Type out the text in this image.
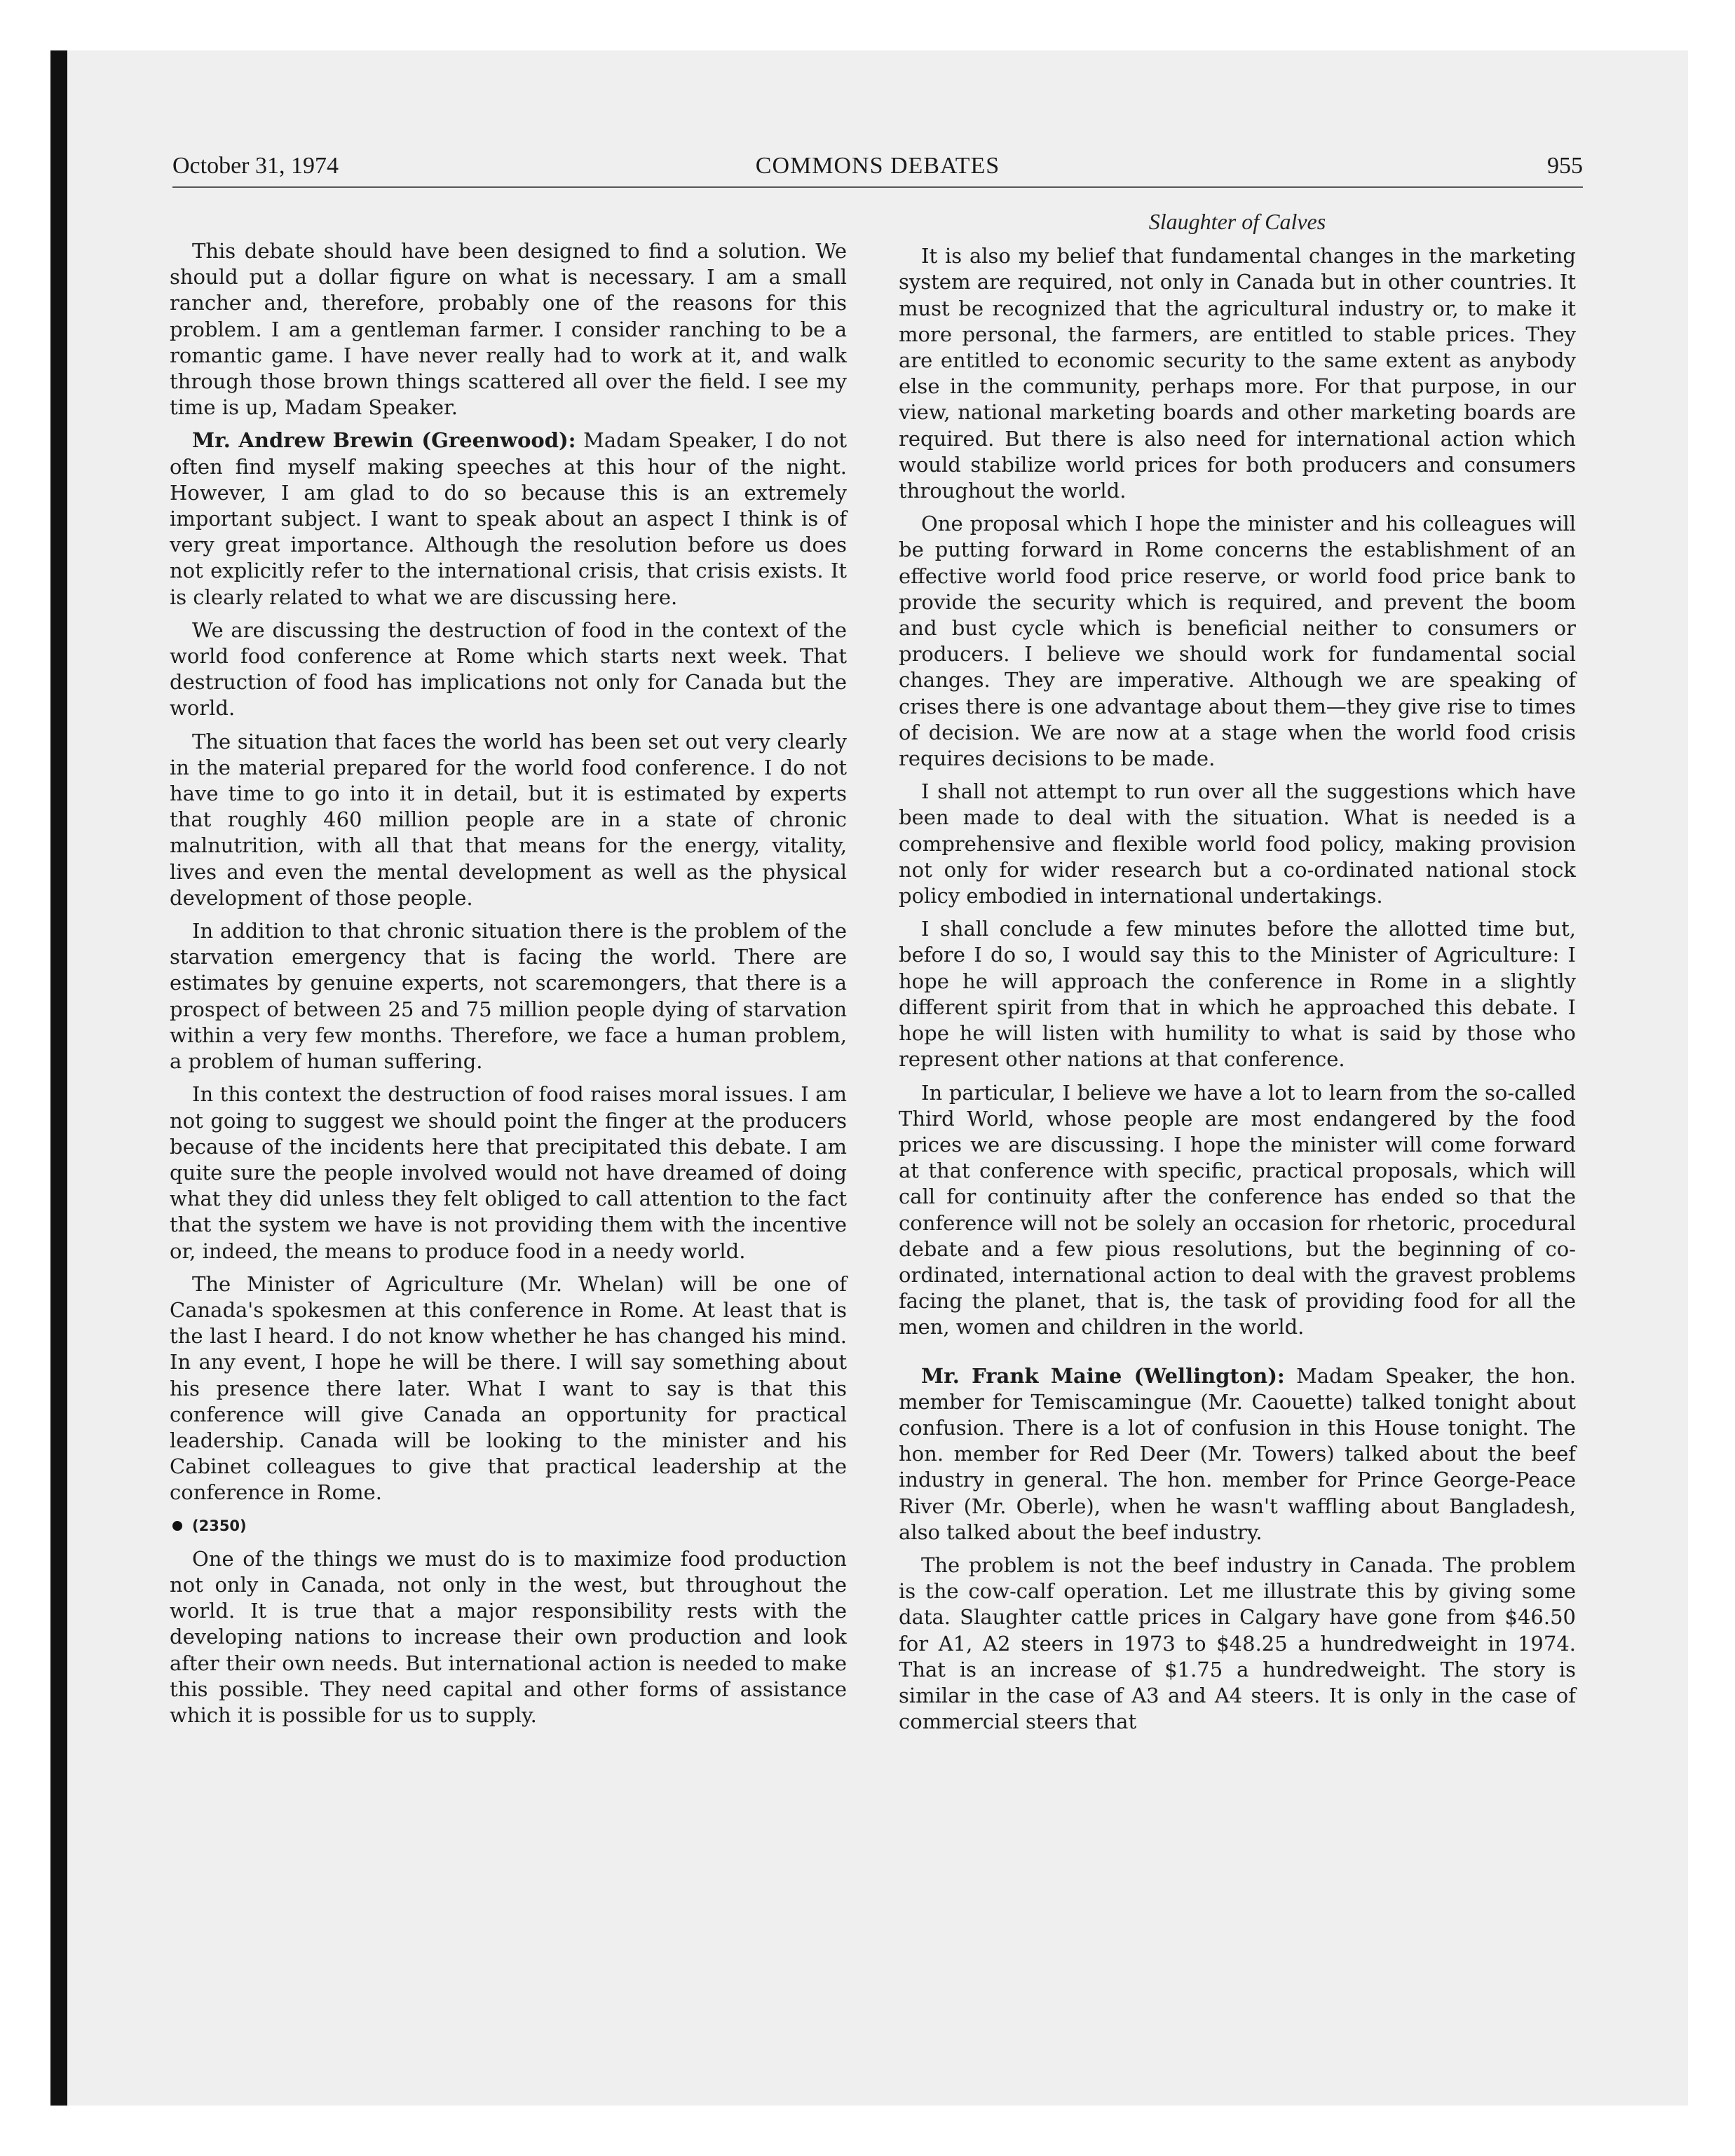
October 31, 1974	COMMONS DEBATES	955

This debate should have been designed to find a solution. We should put a dollar figure on what is necessary. I am a small rancher and, therefore, probably one of the reasons for this problem. I am a gentleman farmer. I consider ranching to be a romantic game. I have never really had to work at it, and walk through those brown things scattered all over the field. I see my time is up, Madam Speaker.

Mr. Andrew Brewin (Greenwood): Madam Speaker, I do not often find myself making speeches at this hour of the night. However, I am glad to do so because this is an extremely important subject. I want to speak about an aspect I think is of very great importance. Although the resolution before us does not explicitly refer to the international crisis, that crisis exists. It is clearly related to what we are discussing here.

We are discussing the destruction of food in the context of the world food conference at Rome which starts next week. That destruction of food has implications not only for Canada but the world.

The situation that faces the world has been set out very clearly in the material prepared for the world food conference. I do not have time to go into it in detail, but it is estimated by experts that roughly 460 million people are in a state of chronic malnutrition, with all that that means for the energy, vitality, lives and even the mental development as well as the physical development of those people.

In addition to that chronic situation there is the problem of the starvation emergency that is facing the world. There are estimates by genuine experts, not scaremongers, that there is a prospect of between 25 and 75 million people dying of starvation within a very few months. Therefore, we face a human problem, a problem of human suffering.

In this context the destruction of food raises moral issues. I am not going to suggest we should point the finger at the producers because of the incidents here that precipitated this debate. I am quite sure the people involved would not have dreamed of doing what they did unless they felt obliged to call attention to the fact that the system we have is not providing them with the incentive or, indeed, the means to produce food in a needy world.

The Minister of Agriculture (Mr. Whelan) will be one of Canada's spokesmen at this conference in Rome. At least that is the last I heard. I do not know whether he has changed his mind. In any event, I hope he will be there. I will say something about his presence there later. What I want to say is that this conference will give Canada an opportunity for practical leadership. Canada will be looking to the minister and his Cabinet colleagues to give that practical leadership at the conference in Rome.

(2350)

One of the things we must do is to maximize food production not only in Canada, not only in the west, but throughout the world. It is true that a major responsibility rests with the developing nations to increase their own production and look after their own needs. But international action is needed to make this possible. They need capital and other forms of assistance which it is possible for us to supply.

Slaughter of Calves

It is also my belief that fundamental changes in the marketing system are required, not only in Canada but in other countries. It must be recognized that the agricultural industry or, to make it more personal, the farmers, are entitled to stable prices. They are entitled to economic security to the same extent as anybody else in the community, perhaps more. For that purpose, in our view, national marketing boards and other marketing boards are required. But there is also need for international action which would stabilize world prices for both producers and consumers throughout the world.

One proposal which I hope the minister and his colleagues will be putting forward in Rome concerns the establishment of an effective world food price reserve, or world food price bank to provide the security which is required, and prevent the boom and bust cycle which is beneficial neither to consumers or producers. I believe we should work for fundamental social changes. They are imperative. Although we are speaking of crises there is one advantage about them—they give rise to times of decision. We are now at a stage when the world food crisis requires decisions to be made.

I shall not attempt to run over all the suggestions which have been made to deal with the situation. What is needed is a comprehensive and flexible world food policy, making provision not only for wider research but a co-ordinated national stock policy embodied in international undertakings.

I shall conclude a few minutes before the allotted time but, before I do so, I would say this to the Minister of Agriculture: I hope he will approach the conference in Rome in a slightly different spirit from that in which he approached this debate. I hope he will listen with humility to what is said by those who represent other nations at that conference.

In particular, I believe we have a lot to learn from the so-called Third World, whose people are most endangered by the food prices we are discussing. I hope the minister will come forward at that conference with specific, practical proposals, which will call for continuity after the conference has ended so that the conference will not be solely an occasion for rhetoric, procedural debate and a few pious resolutions, but the beginning of co-ordinated, international action to deal with the gravest problems facing the planet, that is, the task of providing food for all the men, women and children in the world.

Mr. Frank Maine (Wellington): Madam Speaker, the hon. member for Temiscamingue (Mr. Caouette) talked tonight about confusion. There is a lot of confusion in this House tonight. The hon. member for Red Deer (Mr. Towers) talked about the beef industry in general. The hon. member for Prince George-Peace River (Mr. Oberle), when he wasn't waffling about Bangladesh, also talked about the beef industry.

The problem is not the beef industry in Canada. The problem is the cow-calf operation. Let me illustrate this by giving some data. Slaughter cattle prices in Calgary have gone from $46.50 for A1, A2 steers in 1973 to $48.25 a hundredweight in 1974. That is an increase of $1.75 a hundredweight. The story is similar in the case of A3 and A4 steers. It is only in the case of commercial steers that
